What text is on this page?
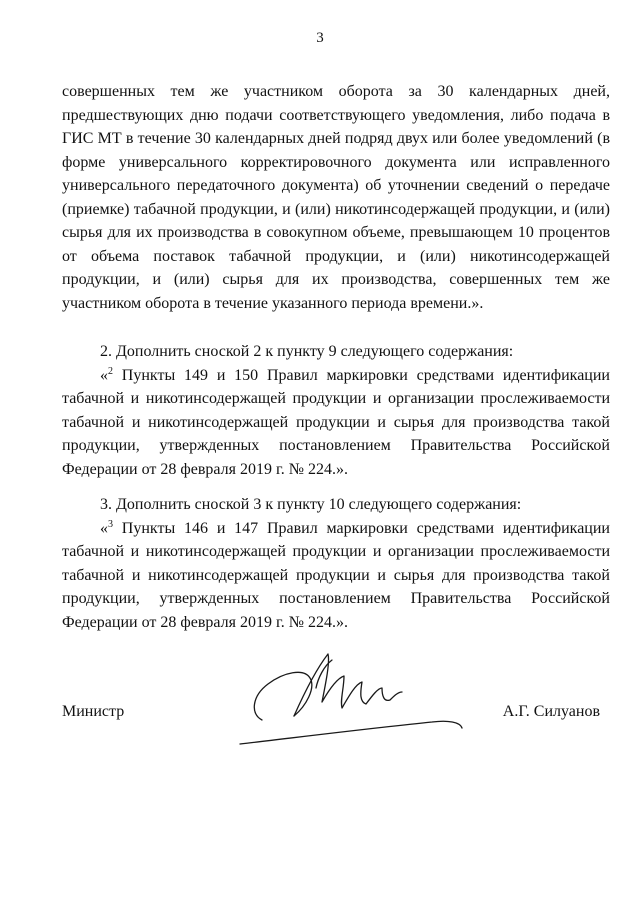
3

совершенных тем же участником оборота за 30 календарных дней, предшествующих дню подачи соответствующего уведомления, либо подача в ГИС МТ в течение 30 календарных дней подряд двух или более уведомлений (в форме универсального корректировочного документа или исправленного универсального передаточного документа) об уточнении сведений о передаче (приемке) табачной продукции, и (или) никотинсодержащей продукции, и (или) сырья для их производства в совокупном объеме, превышающем 10 процентов от объема поставок табачной продукции, и (или) никотинсодержащей продукции, и (или) сырья для их производства, совершенных тем же участником оборота в течение указанного периода времени.».

2. Дополнить сноской 2 к пункту 9 следующего содержания:

«$^2$ Пункты 149 и 150 Правил маркировки средствами идентификации табачной и никотинсодержащей продукции и организации прослеживаемости табачной и никотинсодержащей продукции и сырья для производства такой продукции, утвержденных постановлением Правительства Российской Федерации от 28 февраля 2019 г. № 224.».

3. Дополнить сноской 3 к пункту 10 следующего содержания:

«$^3$ Пункты 146 и 147 Правил маркировки средствами идентификации табачной и никотинсодержащей продукции и организации прослеживаемости табачной и никотинсодержащей продукции и сырья для производства такой продукции, утвержденных постановлением Правительства Российской Федерации от 28 февраля 2019 г. № 224.».

Министр	А.Г. Силуанов
